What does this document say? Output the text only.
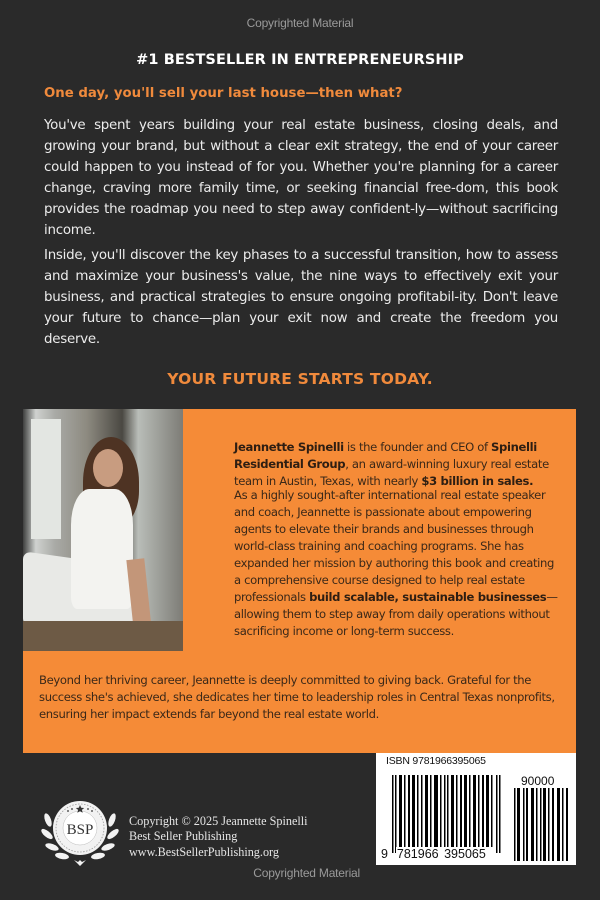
Copyrighted Material
#1 BESTSELLER IN ENTREPRENEURSHIP
One day, you'll sell your last house—then what?

You've spent years building your real estate business, closing deals, and growing your brand, but without a clear exit strategy, the end of your career could happen to you instead of for you. Whether you're planning for a career change, craving more family time, or seeking financial free-dom, this book provides the roadmap you need to step away confident-ly—without sacrificing income.

Inside, you'll discover the key phases to a successful transition, how to assess and maximize your business's value, the nine ways to effectively exit your business, and practical strategies to ensure ongoing profitabil-ity. Don't leave your future to chance—plan your exit now and create the freedom you deserve.

YOUR FUTURE STARTS TODAY.

Jeannette Spinelli is the founder and CEO of Spinelli Residential Group, an award-winning luxury real estate team in Austin, Texas, with nearly $3 billion in sales.

As a highly sought-after international real estate speaker and coach, Jeannette is passionate about empowering agents to elevate their brands and businesses through world-class training and coaching programs. She has expanded her mission by authoring this book and creating a comprehensive course designed to help real estate professionals build scalable, sustainable businesses—allowing them to step away from daily operations without sacrificing income or long-term success.

Beyond her thriving career, Jeannette is deeply committed to giving back. Grateful for the success she's achieved, she dedicates her time to leadership roles in Central Texas nonprofits, ensuring her impact extends far beyond the real estate world.

BSP
Copyright © 2025 Jeannette Spinelli
Best Seller Publishing
www.BestSellerPublishing.org
Copyrighted Material
ISBN 9781966395065
90000
9 781966 395065
